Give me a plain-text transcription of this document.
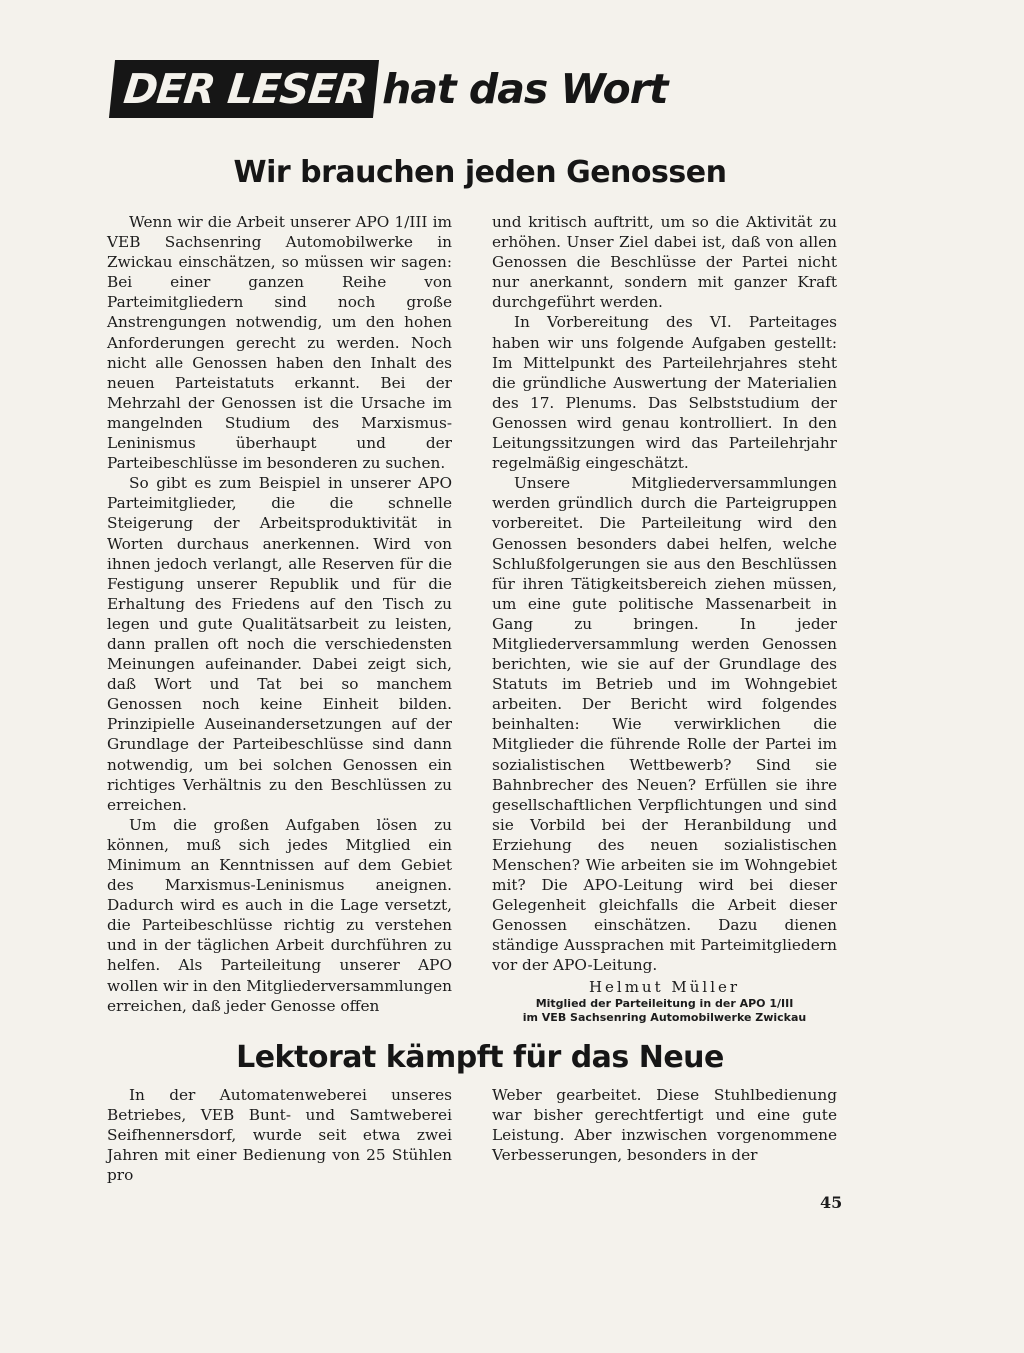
DER LESER hat das Wort
Wir brauchen jeden Genossen

Wenn wir die Arbeit unserer APO 1/III im VEB Sachsenring Automobilwerke in Zwickau einschätzen, so müssen wir sagen: Bei einer ganzen Reihe von Parteimitgliedern sind noch große Anstrengungen notwendig, um den hohen Anforderungen gerecht zu werden. Noch nicht alle Genossen haben den Inhalt des neuen Parteistatuts erkannt. Bei der Mehrzahl der Genossen ist die Ursache im mangelnden Studium des Marxismus-Leninismus überhaupt und der Parteibeschlüsse im besonderen zu suchen.

So gibt es zum Beispiel in unserer APO Parteimitglieder, die die schnelle Steigerung der Arbeitsproduktivität in Worten durchaus anerkennen. Wird von ihnen jedoch verlangt, alle Reserven für die Festigung unserer Republik und für die Erhaltung des Friedens auf den Tisch zu legen und gute Qualitätsarbeit zu leisten, dann prallen oft noch die verschiedensten Meinungen aufeinander. Dabei zeigt sich, daß Wort und Tat bei so manchem Genossen noch keine Einheit bilden. Prinzipielle Auseinandersetzungen auf der Grundlage der Parteibeschlüsse sind dann notwendig, um bei solchen Genossen ein richtiges Verhältnis zu den Beschlüssen zu erreichen.

Um die großen Aufgaben lösen zu können, muß sich jedes Mitglied ein Minimum an Kenntnissen auf dem Gebiet des Marxismus-Leninismus aneignen. Dadurch wird es auch in die Lage versetzt, die Parteibeschlüsse richtig zu verstehen und in der täglichen Arbeit durchführen zu helfen. Als Parteileitung unserer APO wollen wir in den Mitgliederversammlungen erreichen, daß jeder Genosse offen

und kritisch auftritt, um so die Aktivität zu erhöhen. Unser Ziel dabei ist, daß von allen Genossen die Beschlüsse der Partei nicht nur anerkannt, sondern mit ganzer Kraft durchgeführt werden.

In Vorbereitung des VI. Parteitages haben wir uns folgende Aufgaben gestellt: Im Mittelpunkt des Parteilehrjahres steht die gründliche Auswertung der Materialien des 17. Plenums. Das Selbststudium der Genossen wird genau kontrolliert. In den Leitungssitzungen wird das Parteilehrjahr regelmäßig eingeschätzt.

Unsere Mitgliederversammlungen werden gründlich durch die Parteigruppen vorbereitet. Die Parteileitung wird den Genossen besonders dabei helfen, welche Schlußfolgerungen sie aus den Beschlüssen für ihren Tätigkeitsbereich ziehen müssen, um eine gute politische Massenarbeit in Gang zu bringen. In jeder Mitgliederversammlung werden Genossen berichten, wie sie auf der Grundlage des Statuts im Betrieb und im Wohngebiet arbeiten. Der Bericht wird folgendes beinhalten: Wie verwirklichen die Mitglieder die führende Rolle der Partei im sozialistischen Wettbewerb? Sind sie Bahnbrecher des Neuen? Erfüllen sie ihre gesellschaftlichen Verpflichtungen und sind sie Vorbild bei der Heranbildung und Erziehung des neuen sozialistischen Menschen? Wie arbeiten sie im Wohngebiet mit? Die APO-Leitung wird bei dieser Gelegenheit gleichfalls die Arbeit dieser Genossen einschätzen. Dazu dienen ständige Aussprachen mit Parteimitgliedern vor der APO-Leitung.

Helmut Müller
Mitglied der Parteileitung in der APO 1/III
im VEB Sachsenring Automobilwerke Zwickau
Lektorat kämpft für das Neue

In der Automatenweberei unseres Betriebes, VEB Bunt- und Samtweberei Seifhennersdorf, wurde seit etwa zwei Jahren mit einer Bedienung von 25 Stühlen pro

Weber gearbeitet. Diese Stuhlbedienung war bisher gerechtfertigt und eine gute Leistung. Aber inzwischen vorgenommene Verbesserungen, besonders in der

45
